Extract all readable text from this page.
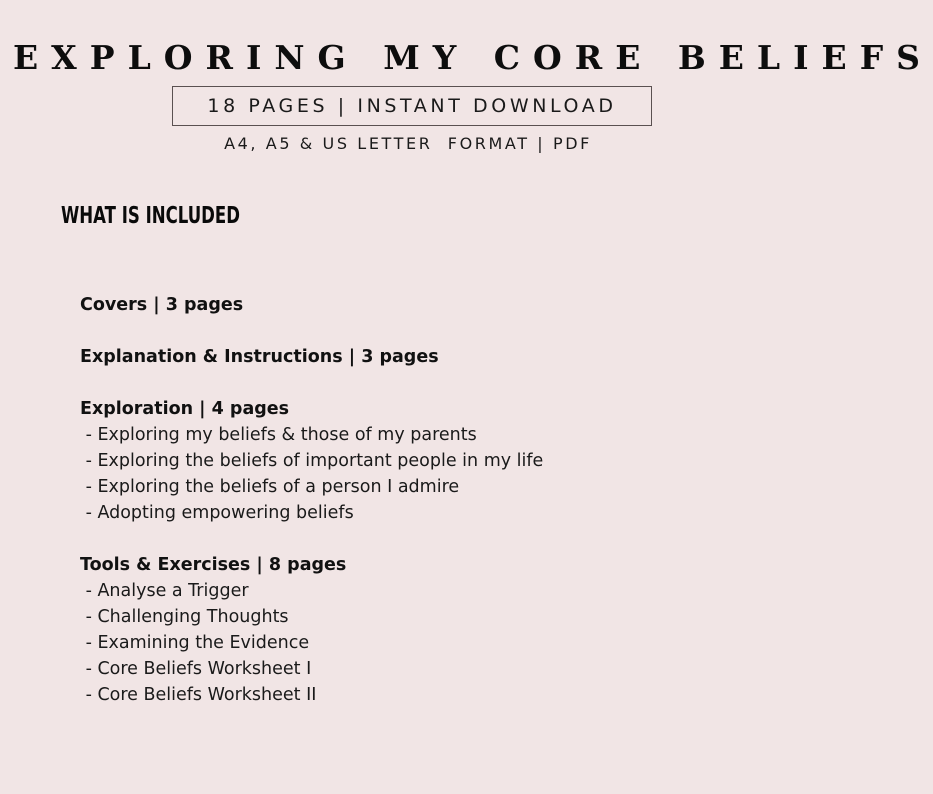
EXPLORING MY CORE BELIEFS
18 PAGES | INSTANT DOWNLOAD
A4, A5 & US LETTER  FORMAT | PDF
WHAT IS INCLUDED
Covers | 3 pages
Explanation & Instructions | 3 pages
Exploration | 4 pages
- Exploring my beliefs & those of my parents
- Exploring the beliefs of important people in my life
- Exploring the beliefs of a person I admire
- Adopting empowering beliefs
Tools & Exercises | 8 pages
- Analyse a Trigger
- Challenging Thoughts
- Examining the Evidence
- Core Beliefs Worksheet I
- Core Beliefs Worksheet II
